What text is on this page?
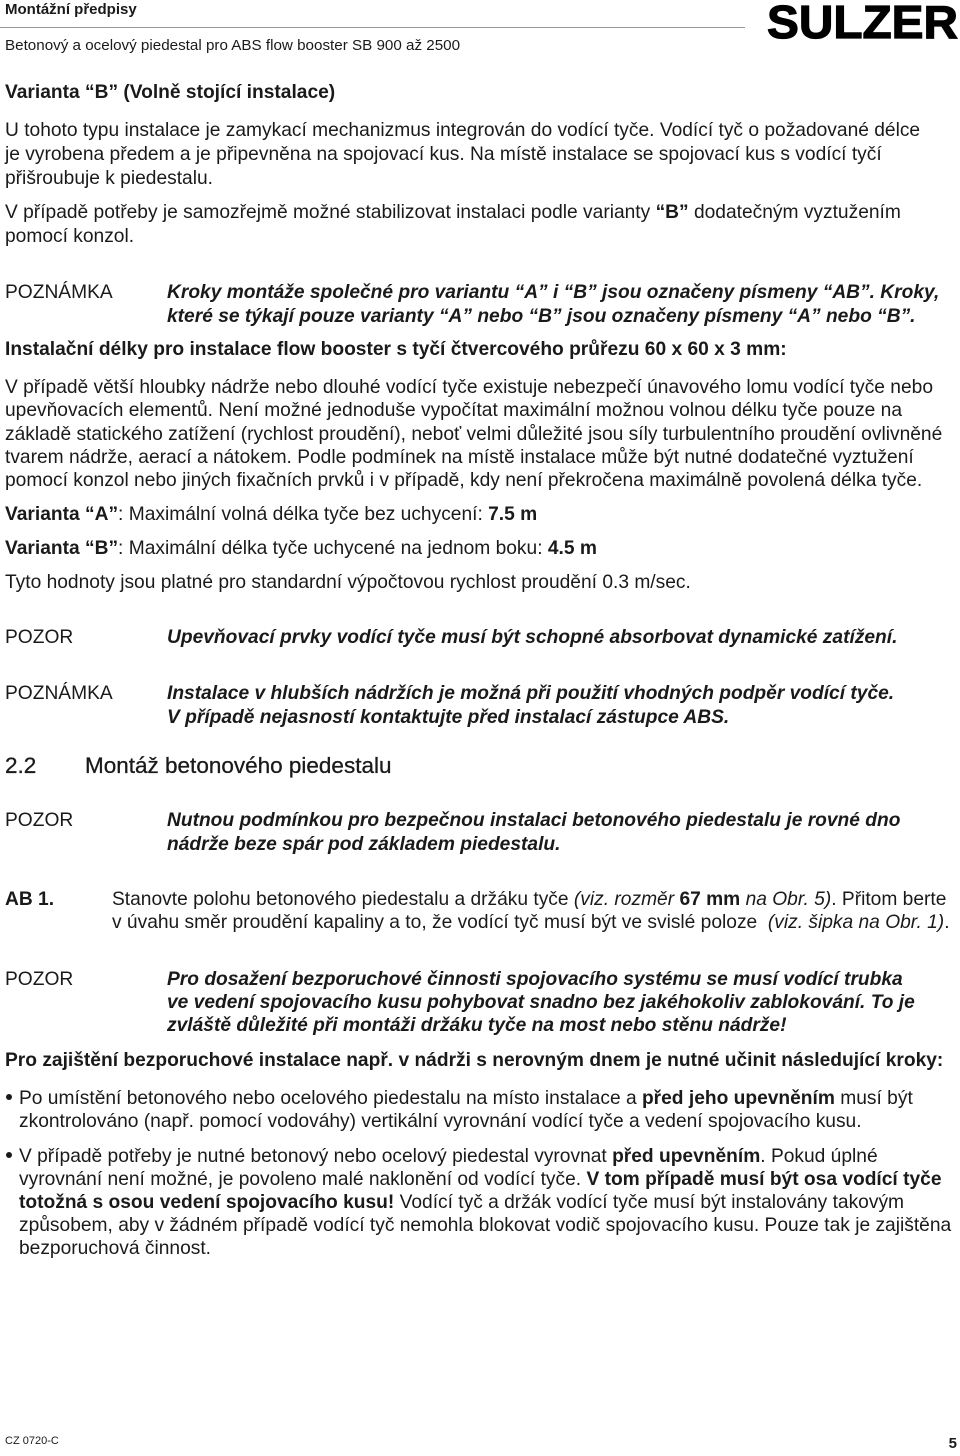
Montážní předpisy
Betonový a ocelový piedestal pro ABS flow booster SB 900 až 2500	SULZER
Varianta “B” (Volně stojící instalace)
U tohoto typu instalace je zamykací mechanizmus integrován do vodící tyče. Vodící tyč o požadované délce
je vyrobena předem a je připevněna na spojovací kus. Na místě instalace se spojovací kus s vodící tyčí
přišroubuje k piedestalu.
V případě potřeby je samozřejmě možné stabilizovat instalaci podle varianty “B” dodatečným vyztužením
pomocí konzol.
POZNÁMKA	Kroky montáže společné pro variantu “A” i “B” jsou označeny písmeny “AB”. Kroky,
které se týkají pouze varianty “A” nebo “B” jsou označeny písmeny “A” nebo “B”.
Instalační délky pro instalace flow booster s tyčí čtvercového průřezu 60 x 60 x 3 mm:
V případě větší hloubky nádrže nebo dlouhé vodící tyče existuje nebezpečí únavového lomu vodící tyče nebo
upevňovacích elementů. Není možné jednoduše vypočítat maximální možnou volnou délku tyče pouze na
základě statického zatížení (rychlost proudění), neboť velmi důležité jsou síly turbulentního proudění ovlivněné
tvarem nádrže, aerací a nátokem. Podle podmínek na místě instalace může být nutné dodatečné vyztužení
pomocí konzol nebo jiných fixačních prvků i v případě, kdy není překročena maximálně povolená délka tyče.
Varianta “A”: Maximální volná délka tyče bez uchycení: 7.5 m
Varianta “B”: Maximální délka tyče uchycené na jednom boku: 4.5 m
Tyto hodnoty jsou platné pro standardní výpočtovou rychlost proudění 0.3 m/sec.
POZOR	Upevňovací prvky vodící tyče musí být schopné absorbovat dynamické zatížení.
POZNÁMKA	Instalace v hlubších nádržích je možná při použití vhodných podpěr vodící tyče.
V případě nejasností kontaktujte před instalací zástupce ABS.
2.2 Montáž betonového piedestalu
POZOR	Nutnou podmínkou pro bezpečnou instalaci betonového piedestalu je rovné dno
nádrže beze spár pod základem piedestalu.
AB 1.	Stanovte polohu betonového piedestalu a držáku tyče (viz. rozměr 67 mm na Obr. 5). Přitom berte
v úvahu směr proudění kapaliny a to, že vodící tyč musí být ve svislé poloze  (viz. šipka na Obr. 1).
POZOR	Pro dosažení bezporuchové činnosti spojovacího systému se musí vodící trubka
ve vedení spojovacího kusu pohybovat snadno bez jakéhokoliv zablokování. To je
zvláště důležité při montáži držáku tyče na most nebo stěnu nádrže!
Pro zajištění bezporuchové instalace např. v nádrži s nerovným dnem je nutné učinit následující kroky:
Po umístění betonového nebo ocelového piedestalu na místo instalace a před jeho upevněním musí být
zkontrolováno (např. pomocí vodováhy) vertikální vyrovnání vodící tyče a vedení spojovacího kusu.
V případě potřeby je nutné betonový nebo ocelový piedestal vyrovnat před upevněním. Pokud úplné
vyrovnání není možné, je povoleno malé naklonění od vodící tyče. V tom případě musí být osa vodící tyče
totožná s osou vedení spojovacího kusu! Vodící tyč a držák vodící tyče musí být instalovány takovým
způsobem, aby v žádném případě vodící tyč nemohla blokovat vodič spojovacího kusu. Pouze tak je zajištěna
bezporuchová činnost.
CZ 0720-C	5
